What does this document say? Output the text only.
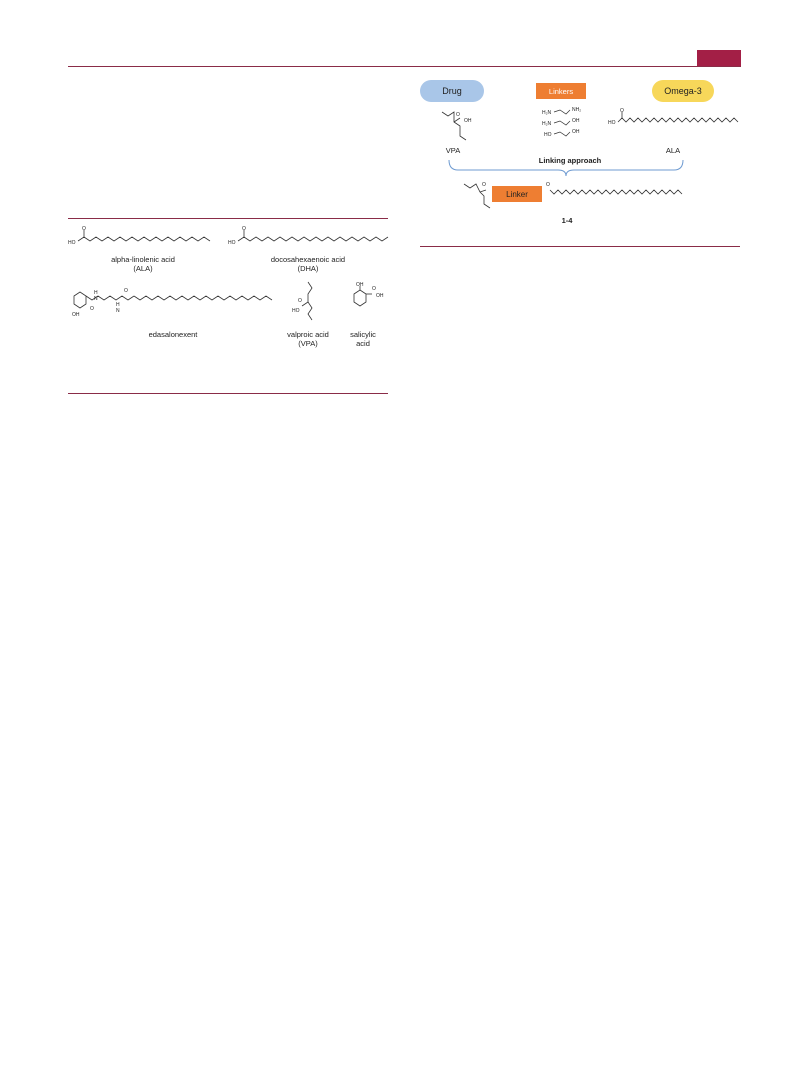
HO
O
alpha-linolenic acid
(ALA)
HO
O
docosahexaenoic acid
(DHA)
OH
H
N
O
O
H
N
edasalonexent
O
HO
valproic acid
(VPA)
OH
O
OH
salicylic
acid
Drug	Linkers	Omega-3
O
OH
VPA
H₂N	NH₂
H₂N	OH
HO	OH
HO
O
ALA
Linking approach
O	O
Linker
1-4
